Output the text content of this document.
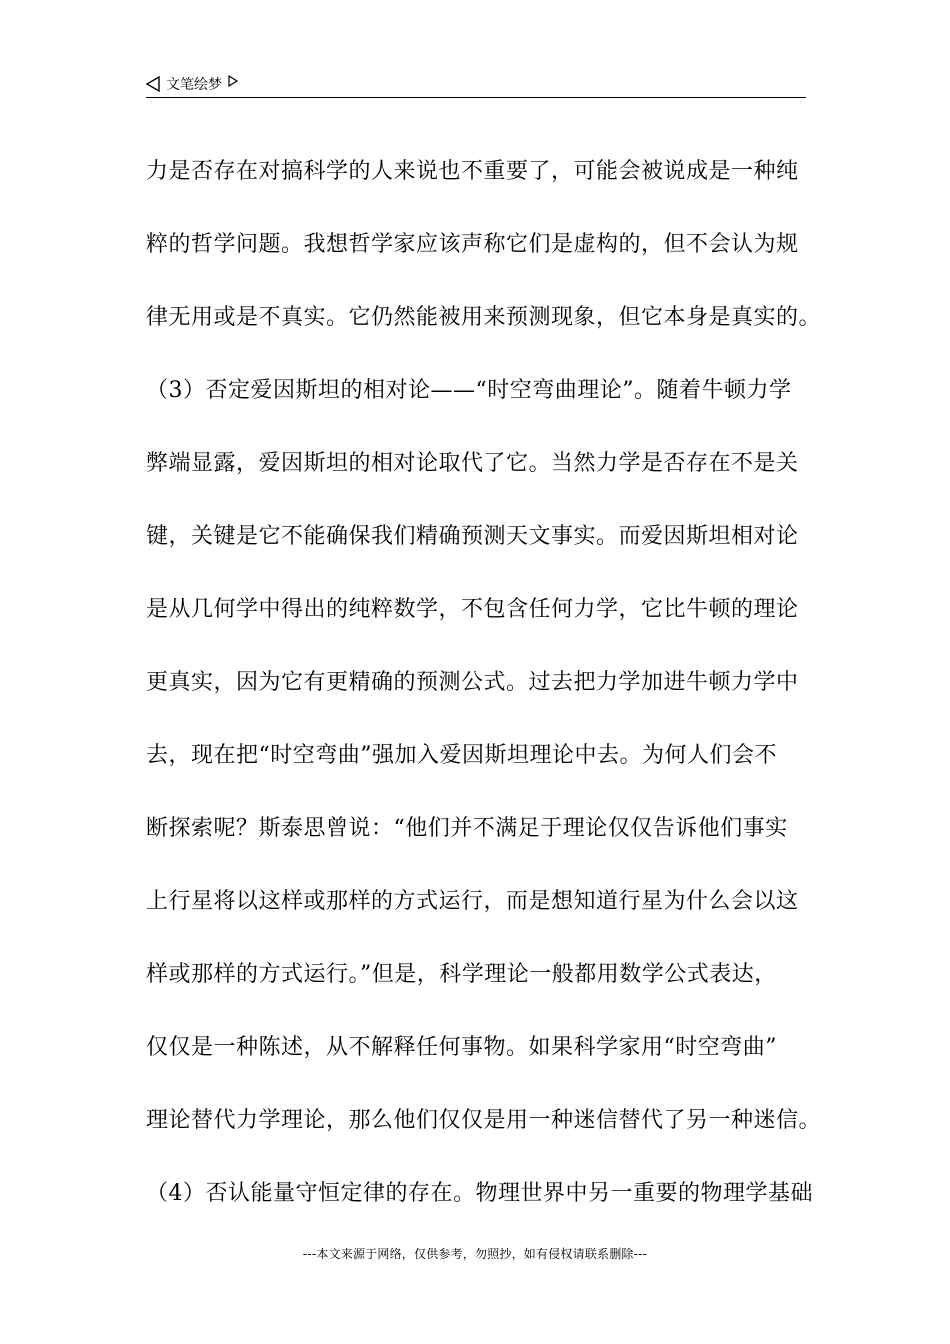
文笔绘梦
力是否存在对搞科学的人来说也不重要了，可能会被说成是一种纯
粹的哲学问题。我想哲学家应该声称它们是虚构的，但不会认为规
律无用或是不真实。它仍然能被用来预测现象，但它本身是真实的。
（3）否定爱因斯坦的相对论——“时空弯曲理论”。随着牛顿力学
弊端显露，爱因斯坦的相对论取代了它。当然力学是否存在不是关
键，关键是它不能确保我们精确预测天文事实。而爱因斯坦相对论
是从几何学中得出的纯粹数学，不包含任何力学，它比牛顿的理论
更真实，因为它有更精确的预测公式。过去把力学加进牛顿力学中
去，现在把“时空弯曲”强加入爱因斯坦理论中去。为何人们会不
断探索呢？斯泰思曾说：“他们并不满足于理论仅仅告诉他们事实
上行星将以这样或那样的方式运行，而是想知道行星为什么会以这
样或那样的方式运行。”但是，科学理论一般都用数学公式表达，
仅仅是一种陈述，从不解释任何事物。如果科学家用“时空弯曲”
理论替代力学理论，那么他们仅仅是用一种迷信替代了另一种迷信。
（4）否认能量守恒定律的存在。物理世界中另一重要的物理学基础
---本文来源于网络，仅供参考，勿照抄，如有侵权请联系删除---
